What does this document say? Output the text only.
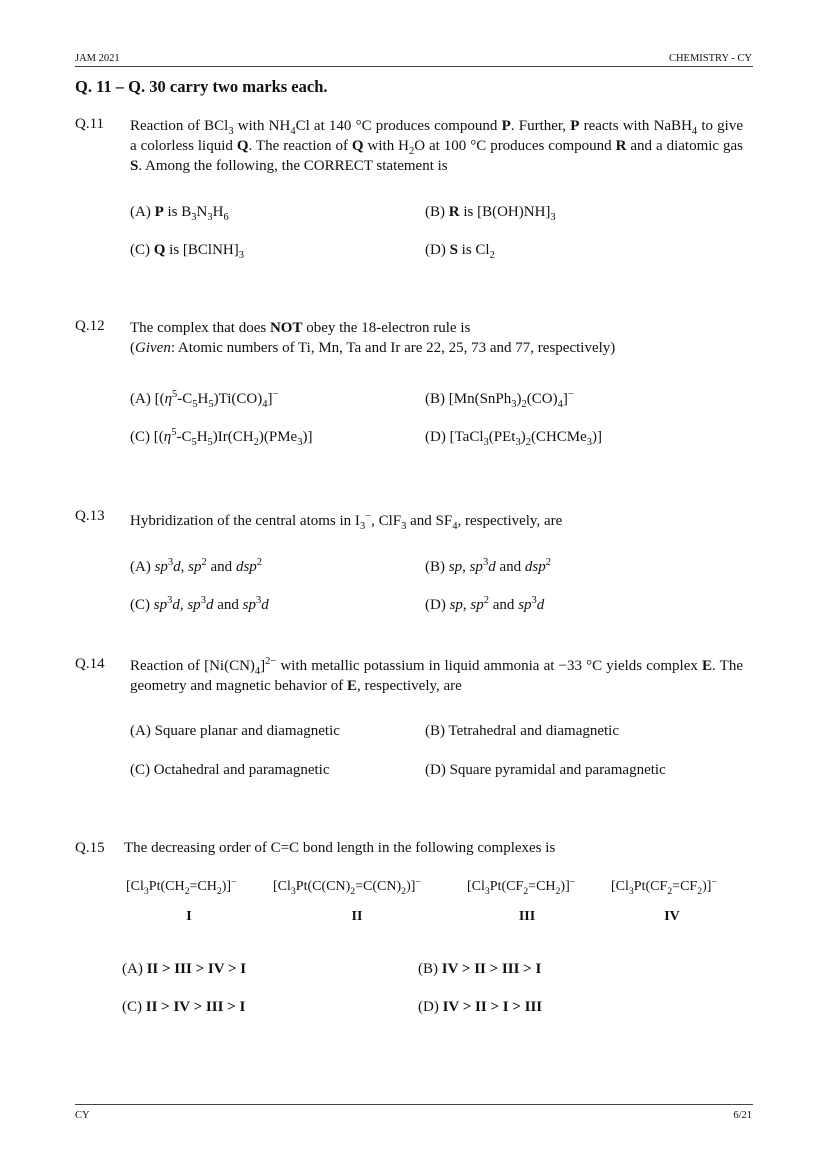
JAM 2021	CHEMISTRY - CY
Q. 11 – Q. 30 carry two marks each.
Q.11 Reaction of BCl$_3$ with $NH_4Cl$ at 140 °C produces compound P. Further, P reacts with NaBH$_4$ to give a colorless liquid Q. The reaction of Q with $H_2O$ at 100 °C produces compound R and a diatomic gas S. Among the following, the CORRECT statement is

(A) P is $B_3N_3H_6$	(B) R is $[B(OH)NH]_3$
(C) Q is $[BClNH]_3$	(D) S is $Cl_2$
Q.12 The complex that does NOT obey the 18-electron rule is

(Given: Atomic numbers of Ti, Mn, Ta and Ir are 22, 25, 73 and 77, respectively)

(A) $[(\eta^5-C_5H_5)Ti(CO)_4]^-$	(B) $[Mn(SnPh_3)_2(CO)_4]^-$
(C) $[(\eta^5-C_5H_5)Ir(CH_2)(PMe_3)]$	(D) $[TaCl_3(PEt_3)_2(CHCMe_3)]$
Q.13 Hybridization of the central atoms in $I_3^-$, ClF$_3$ and $SF_4$, respectively, are

(A) $sp^3d$, $sp^2$ and dsp$^2$	(B) sp, $sp^3d$ and dsp$^2$
(C) $sp^3d$, $sp^3d$ and $sp^3d$	(D) sp, $sp^2$ and $sp^3d$
Q.14 Reaction of $[Ni(CN)_4]^{2-}$ with metallic potassium in liquid ammonia at −33 °C yields complex E. The geometry and magnetic behavior of E, respectively, are

(A) Square planar and diamagnetic	(B) Tetrahedral and diamagnetic
(C) Octahedral and paramagnetic	(D) Square pyramidal and paramagnetic
Q.15 The decreasing order of C=C bond length in the following complexes is
$[Cl_3Pt(CH_2=CH_2)]^-$	$[Cl_3Pt(C(CN)_2=C(CN)_2)]^-$	$[Cl_3Pt(CF_2=CH_2)]^-$	$[Cl_3Pt(CF_2=CF_2)]^-$
I	II	III	IV
(A) II > III > IV > I	(B) IV > II > III > I
(C) II > IV > III > I	(D) IV > II > I > III
CY	6/21
